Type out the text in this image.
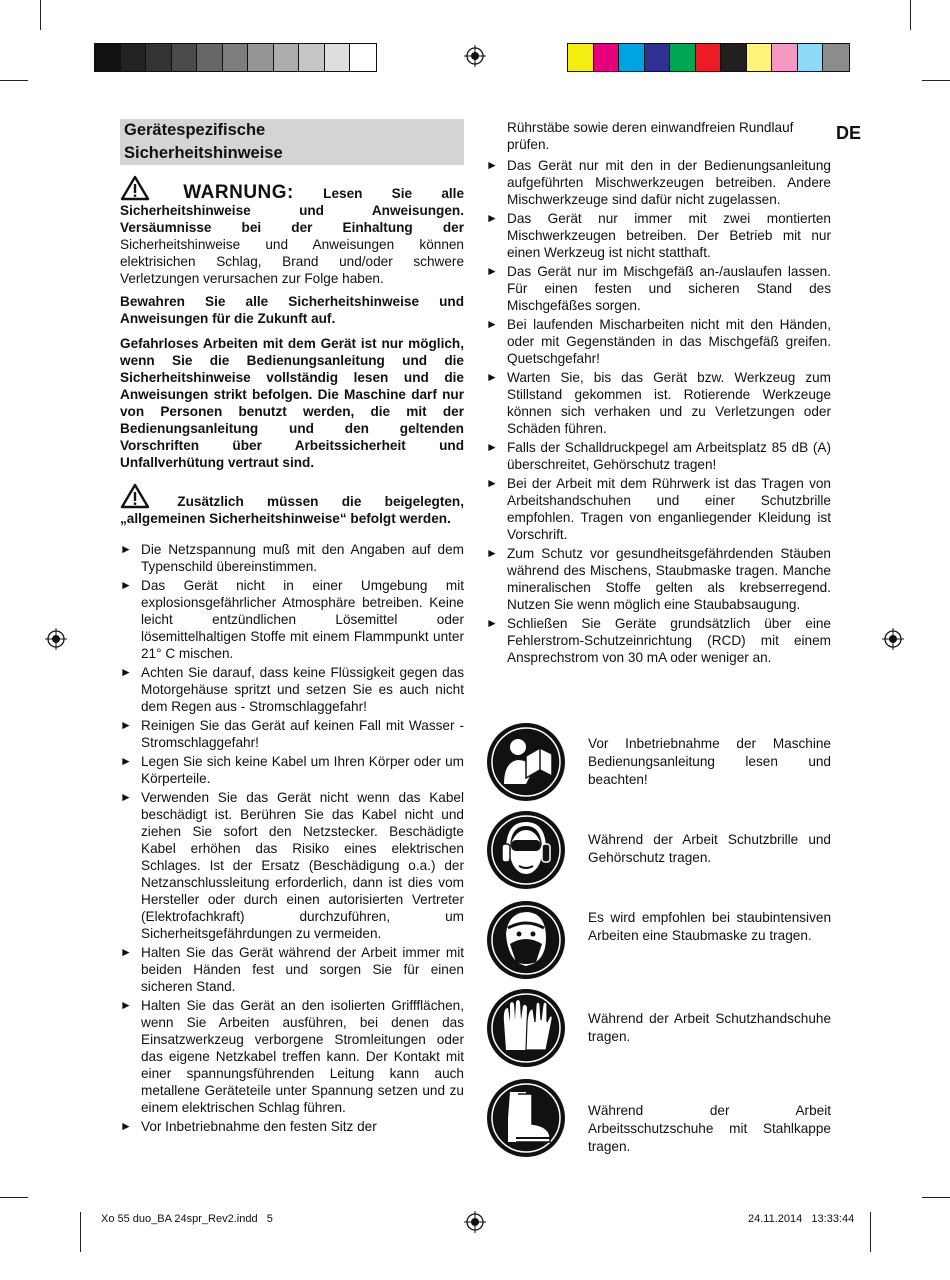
DE
Gerätespezifische
Sicherheitshinweise

WARNUNG: Lesen Sie alle Sicherheitshinweise und Anweisungen. Versäumnisse bei der Einhaltung der Sicherheitshinweise und Anweisungen können elektrisichen Schlag, Brand und/oder schwere Verletzungen verursachen zur Folge haben.

Bewahren Sie alle Sicherheitshinweise und Anweisungen für die Zukunft auf.

Gefahrloses Arbeiten mit dem Gerät ist nur möglich, wenn Sie die Bedienungsanleitung und die Sicherheitshinweise vollständig lesen und die Anweisungen strikt befolgen. Die Maschine darf nur von Personen benutzt werden, die mit der Bedienungsanleitung und den geltenden Vorschriften über Arbeitssicherheit und Unfallverhütung vertraut sind.

Zusätzlich müssen die beigelegten, „allgemeinen Sicherheitshinweise“ befolgt werden.

► Die Netzspannung muß mit den Angaben auf dem Typenschild übereinstimmen.
► Das Gerät nicht in einer Umgebung mit explosionsgefährlicher Atmosphäre betreiben. Keine leicht entzündlichen Lösemittel oder lösemittelhaltigen Stoffe mit einem Flammpunkt unter 21° C mischen.
► Achten Sie darauf, dass keine Flüssigkeit gegen das Motorgehäuse spritzt und setzen Sie es auch nicht dem Regen aus - Stromschlaggefahr!
► Reinigen Sie das Gerät auf keinen Fall mit Wasser - Stromschlaggefahr!
► Legen Sie sich keine Kabel um Ihren Körper oder um Körperteile.
► Verwenden Sie das Gerät nicht wenn das Kabel beschädigt ist. Berühren Sie das Kabel nicht und ziehen Sie sofort den Netzstecker. Beschädigte Kabel erhöhen das Risiko eines elektrischen Schlages. Ist der Ersatz (Beschädigung o.a.) der Netzanschlussleitung erforderlich, dann ist dies vom Hersteller oder durch einen autorisierten Vertreter (Elektrofachkraft) durchzuführen, um Sicherheitsgefährdungen zu vermeiden.
► Halten Sie das Gerät während der Arbeit immer mit beiden Händen fest und sorgen Sie für einen sicheren Stand.
► Halten Sie das Gerät an den isolierten Griffflächen, wenn Sie Arbeiten ausführen, bei denen das Einsatzwerkzeug verborgene Stromleitungen oder das eigene Netzkabel treffen kann. Der Kontakt mit einer spannungsführenden Leitung kann auch metallene Geräteteile unter Spannung setzen und zu einem elektrischen Schlag führen.
► Vor Inbetriebnahme den festen Sitz der

Rührstäbe sowie deren einwandfreien Rundlauf prüfen.

► Das Gerät nur mit den in der Bedienungsanleitung aufgeführten Mischwerkzeugen betreiben. Andere Mischwerkzeuge sind dafür nicht zugelassen.
► Das Gerät nur immer mit zwei montierten Mischwerkzeugen betreiben. Der Betrieb mit nur einen Werkzeug ist nicht statthaft.
► Das Gerät nur im Mischgefäß an-/auslaufen lassen. Für einen festen und sicheren Stand des Mischgefäßes sorgen.
► Bei laufenden Mischarbeiten nicht mit den Händen, oder mit Gegenständen in das Mischgefäß greifen. Quetschgefahr!
► Warten Sie, bis das Gerät bzw. Werkzeug zum Stillstand gekommen ist. Rotierende Werkzeuge können sich verhaken und zu Verletzungen oder Schäden führen.
► Falls der Schalldruckpegel am Arbeitsplatz 85 dB (A) überschreitet, Gehörschutz tragen!
► Bei der Arbeit mit dem Rührwerk ist das Tragen von Arbeitshandschuhen und einer Schutzbrille empfohlen. Tragen von enganliegender Kleidung ist Vorschrift.
► Zum Schutz vor gesundheitsgefährdenden Stäuben während des Mischens, Staubmaske tragen. Manche mineralischen Stoffe gelten als krebserregend. Nutzen Sie wenn möglich eine Staubabsaugung.
► Schließen Sie Geräte grundsätzlich über eine Fehlerstrom-Schutzeinrichtung (RCD) mit einem Ansprechstrom von 30 mA oder weniger an.
Vor Inbetriebnahme der Maschine Bedienungsanleitung lesen und beachten!
Während der Arbeit Schutzbrille und Gehörschutz tragen.
Es wird empfohlen bei staubintensiven Arbeiten eine Staubmaske zu tragen.
Während der Arbeit Schutzhandschuhe tragen.
Während der Arbeit Arbeitsschutzschuhe mit Stahlkappe tragen.
Xo 55 duo_BA 24spr_Rev2.indd   5	24.11.2014   13:33:44
